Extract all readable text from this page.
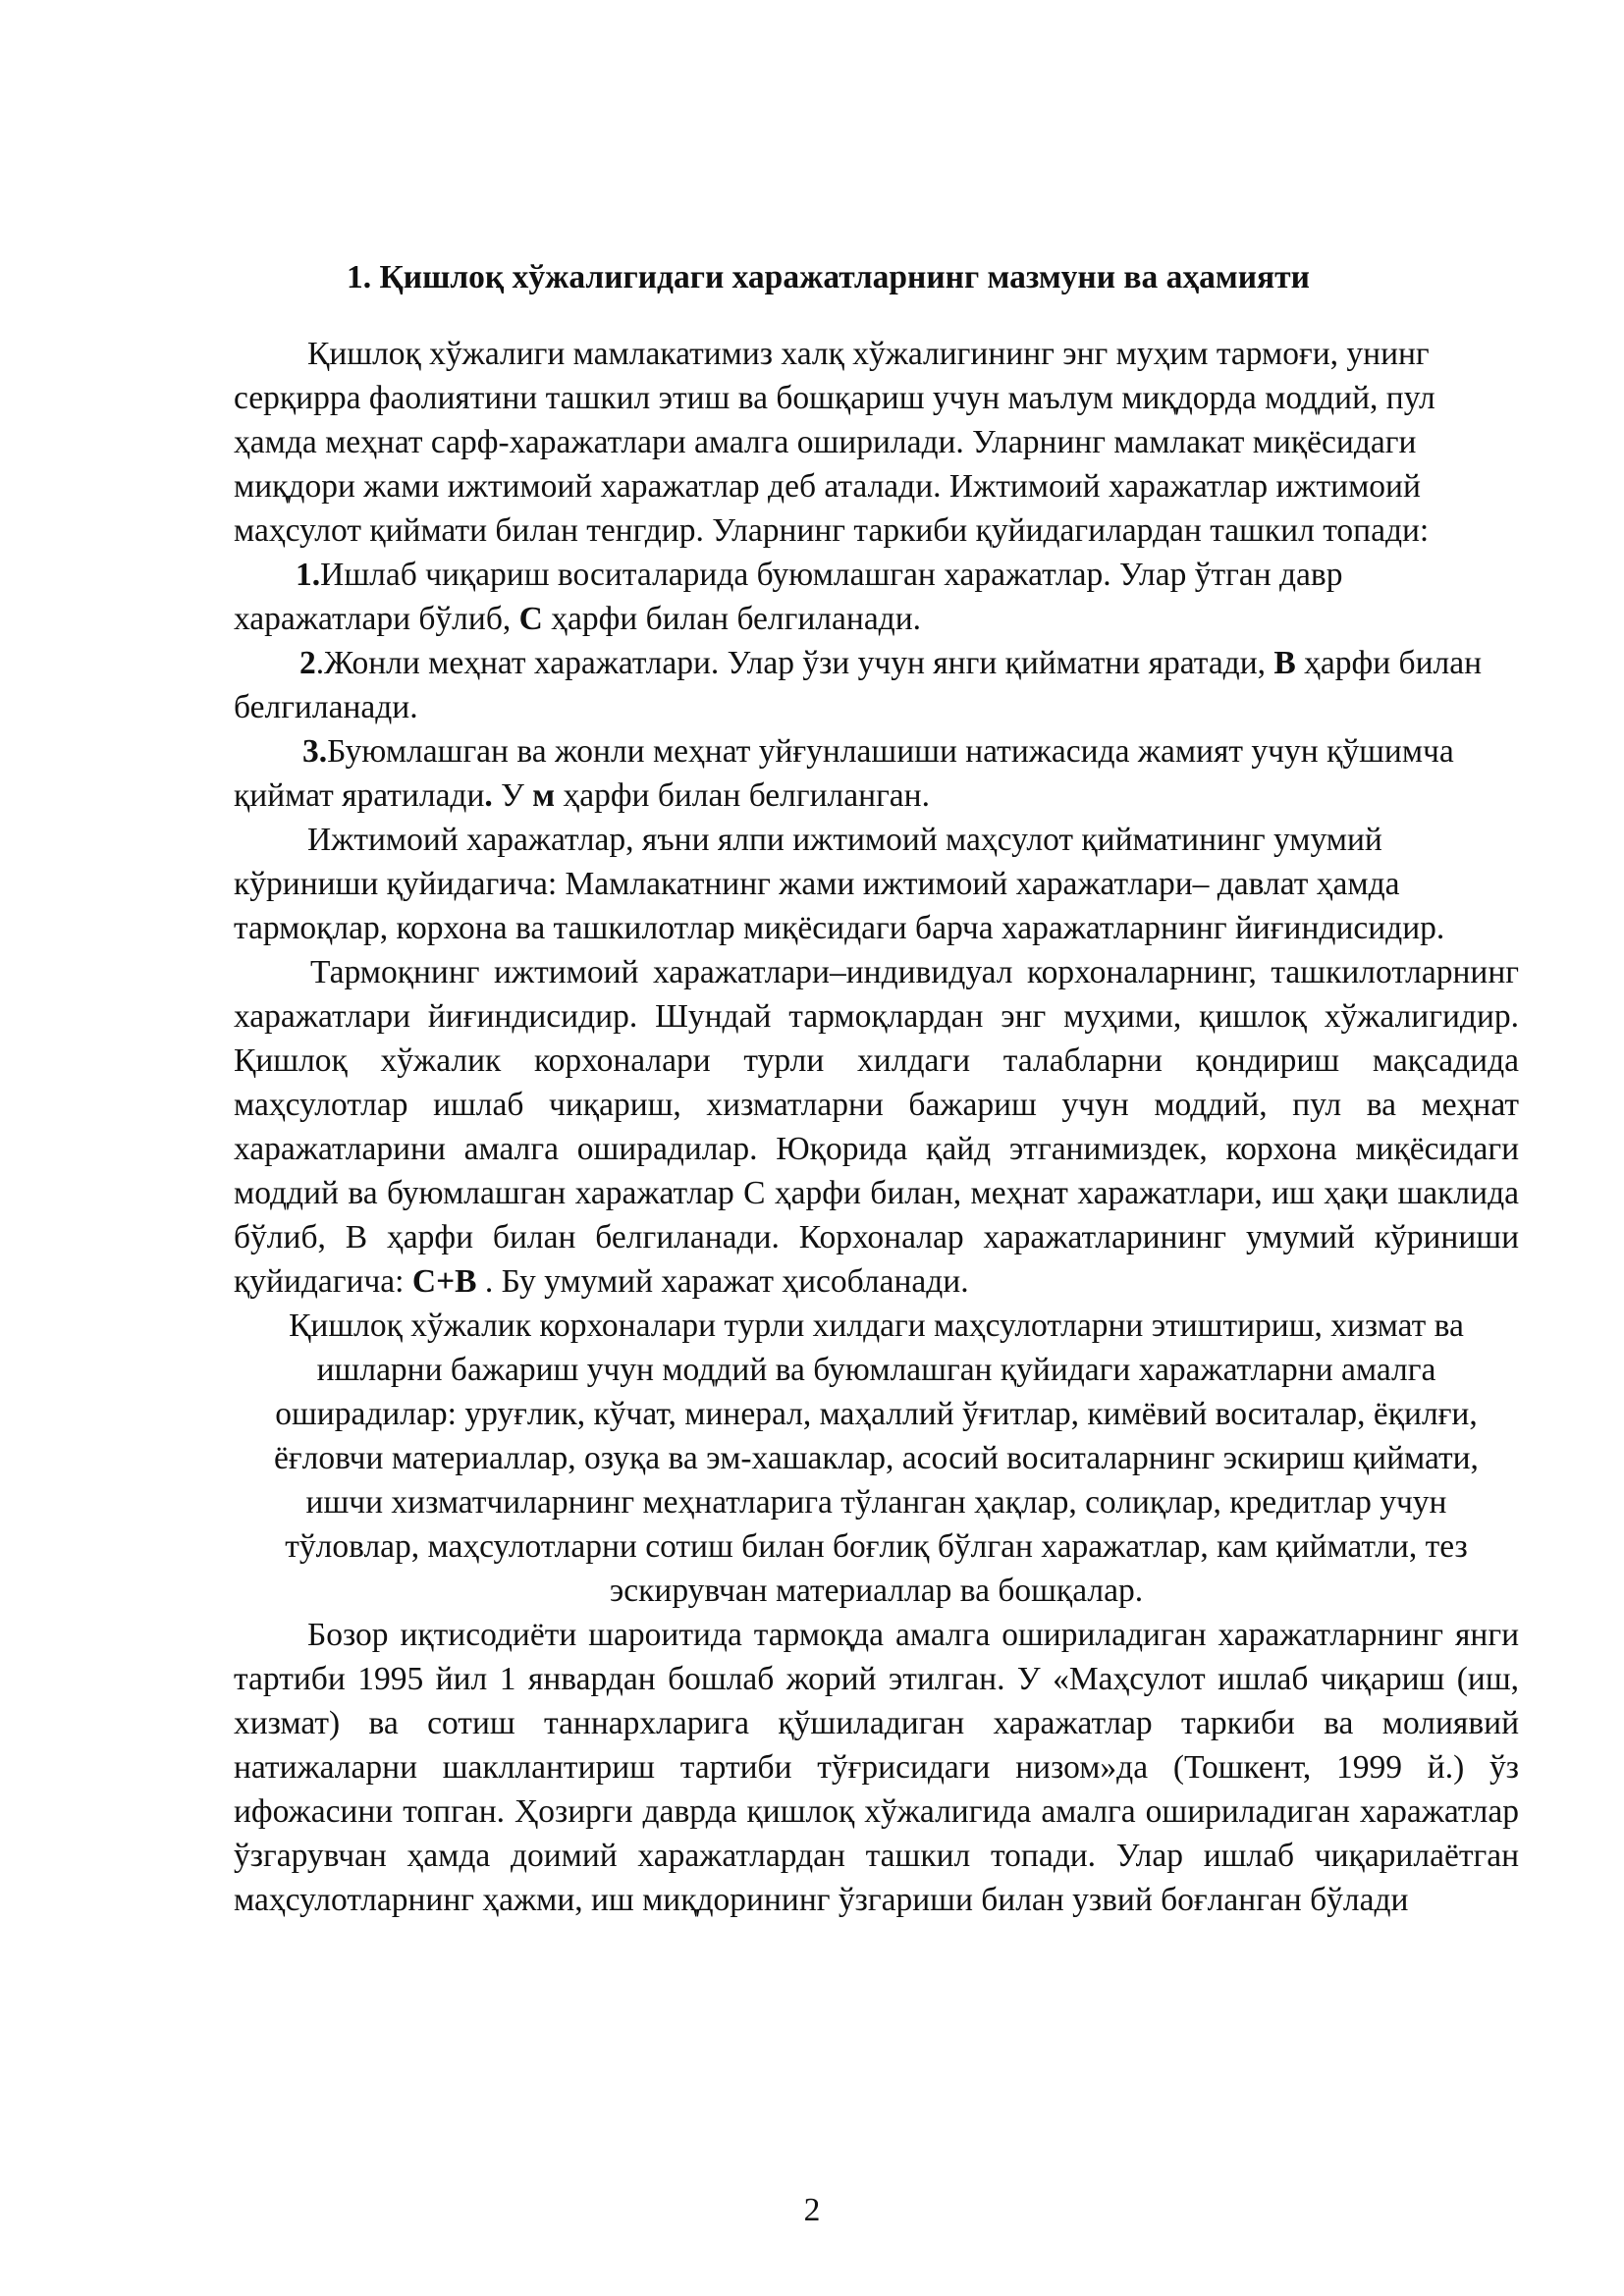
1. Қишлоқ хўжалигидаги харажатларнинг мазмуни ва аҳамияти

Қишлоқ хўжалиги мамлакатимиз халқ хўжалигининг энг муҳим тармоғи, унинг серқирра фаолиятини ташкил этиш ва бошқариш учун маълум миқдорда моддий, пул ҳамда меҳнат сарф-харажатлари амалга оширилади. Уларнинг мамлакат миқёсидаги миқдори жами ижтимоий харажатлар деб аталади. Ижтимоий харажатлар ижтимоий маҳсулот қиймати билан тенгдир. Уларнинг таркиби қуйидагилардан ташкил топади:

1.Ишлаб чиқариш воситаларида буюмлашган харажатлар. Улар ўтган давр харажатлари бўлиб, С ҳарфи билан белгиланади.

2.Жонли меҳнат харажатлари. Улар ўзи учун янги қийматни яратади, В ҳарфи билан белгиланади.

3.Буюмлашган ва жонли меҳнат уйғунлашиши натижасида жамият учун қўшимча қиймат яратилади. У м ҳарфи билан белгиланган.

Ижтимоий харажатлар, яъни ялпи ижтимоий маҳсулот қийматининг умумий кўриниши қуйидагича: Мамлакатнинг жами ижтимоий харажатлари– давлат ҳамда тармоқлар, корхона ва ташкилотлар миқёсидаги барча харажатларнинг йиғиндисидир.

Тармоқнинг ижтимоий харажатлари–индивидуал корхоналарнинг, ташкилотларнинг харажатлари йиғиндисидир. Шундай тармоқлардан энг муҳими, қишлоқ хўжалигидир. Қишлоқ хўжалик корхоналари турли хилдаги талабларни қондириш мақсадида маҳсулотлар ишлаб чиқариш, хизматларни бажариш учун моддий, пул ва меҳнат харажатларини амалга оширадилар. Юқорида қайд этганимиздек, корхона миқёсидаги моддий ва буюмлашган харажатлар С ҳарфи билан, меҳнат харажатлари, иш ҳақи шаклида бўлиб, В ҳарфи билан белгиланади. Корхоналар харажатларининг умумий кўриниши қуйидагича: С+В . Бу умумий харажат ҳисобланади.

Қишлоқ хўжалик корхоналари турли хилдаги маҳсулотларни этиштириш, хизмат ва ишларни бажариш учун моддий ва буюмлашган қуйидаги харажатларни амалга оширадилар: уруғлик, кўчат, минерал, маҳаллий ўғитлар, кимёвий воситалар, ёқилғи, ёғловчи материаллар, озуқа ва эм-хашаклар, асосий воситаларнинг эскириш қиймати, ишчи хизматчиларнинг меҳнатларига тўланган ҳақлар, солиқлар, кредитлар учун тўловлар, маҳсулотларни сотиш билан боғлиқ бўлган харажатлар, кам қийматли, тез эскирувчан материаллар ва бошқалар.

Бозор иқтисодиёти шароитида тармоқда амалга ошириладиган харажатларнинг янги тартиби 1995 йил 1 январдан бошлаб жорий этилган. У «Маҳсулот ишлаб чиқариш (иш, хизмат) ва сотиш таннархларига қўшиладиган харажатлар таркиби ва молиявий натижаларни шакллантириш тартиби тўғрисидаги низом»да (Тошкент, 1999 й.) ўз ифожасини топган. Ҳозирги даврда қишлоқ хўжалигида амалга ошириладиган харажатлар ўзгарувчан ҳамда доимий харажатлардан ташкил топади. Улар ишлаб чиқарилаётган маҳсулотларнинг ҳажми, иш миқдорининг ўзгариши билан узвий боғланган бўлади

2
